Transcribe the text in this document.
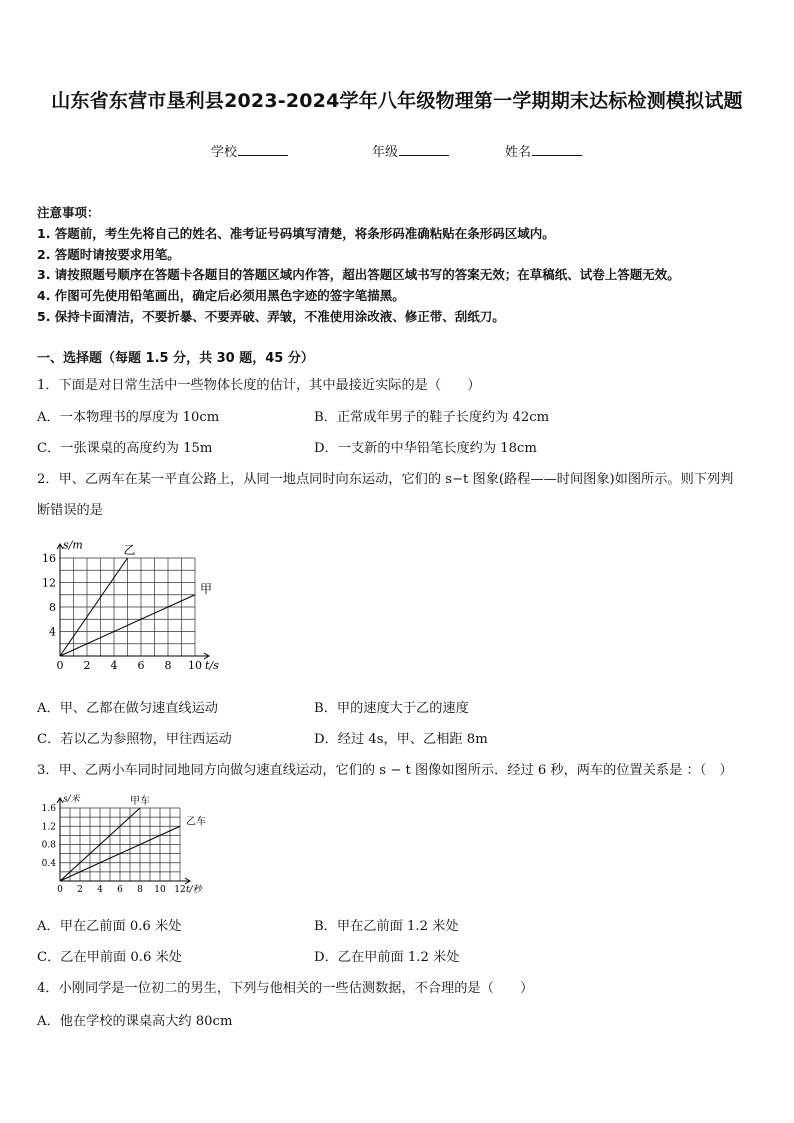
山东省东营市垦利县2023-2024学年八年级物理第一学期期末达标检测模拟试题
学校	年级	姓名
注意事项：
1. 答题前，考生先将自己的姓名、准考证号码填写清楚，将条形码准确粘贴在条形码区域内。
2. 答题时请按要求用笔。
3. 请按照题号顺序在答题卡各题目的答题区域内作答，超出答题区域书写的答案无效；在草稿纸、试卷上答题无效。
4. 作图可先使用铅笔画出，确定后必须用黑色字迹的签字笔描黑。
5. 保持卡面清洁，不要折暴、不要弄破、弄皱，不准使用涂改液、修正带、刮纸刀。
一、选择题（每题 1.5 分，共 30 题，45 分）
1．下面是对日常生活中一些物体长度的估计，其中最接近实际的是（　　）
A．一本物理书的厚度为 10cm	B．正常成年男子的鞋子长度约为 42cm
C．一张课桌的高度约为 15m	D．一支新的中华铅笔长度约为 18cm
2．甲、乙两车在某一平直公路上，从同一地点同时向东运动，它们的 s−t 图象(路程——时间图象)如图所示。则下列判
断错误的是
0 2 4 6 8 10
4
8
12
16
s/m
t/s
乙
甲
A．甲、乙都在做匀速直线运动	B．甲的速度大于乙的速度
C．若以乙为参照物，甲往西运动	D．经过 4s，甲、乙相距 8m
3．甲、乙两小车同时同地同方向做匀速直线运动，它们的 s − t 图像如图所示．经过 6 秒，两车的位置关系是 ：（　）
0 2 4 6 8 10 12
0.4
0.8
1.2
1.6
s/米
t/秒
甲车
乙车
A．甲在乙前面 0.6 米处	B．甲在乙前面 1.2 米处
C．乙在甲前面 0.6 米处	D．乙在甲前面 1.2 米处
4．小刚同学是一位初二的男生，下列与他相关的一些估测数据，不合理的是（　　）
A．他在学校的课桌高大约 80cm
